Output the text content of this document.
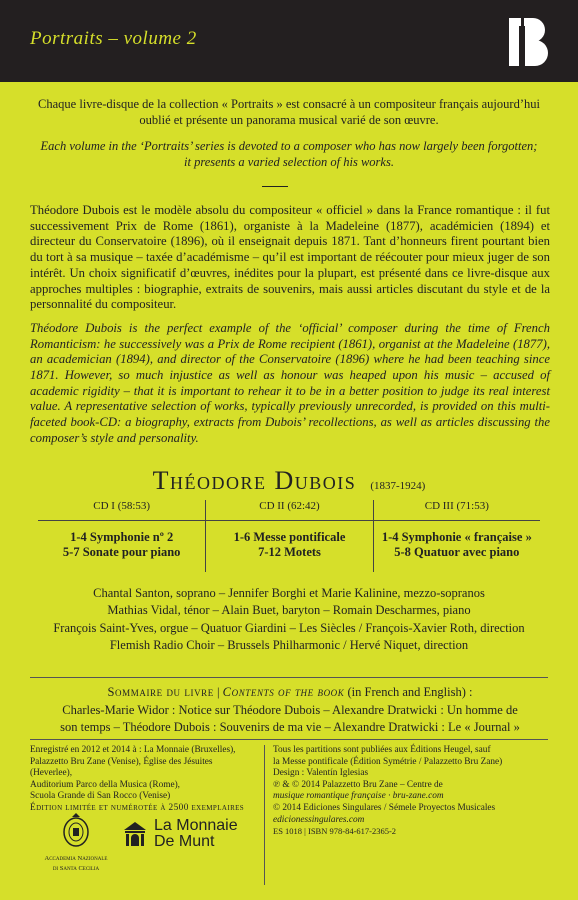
Portraits – volume 2

Chaque livre-disque de la collection « Portraits » est consacré à un compositeur français aujourd’hui oublié et présente un panorama musical varié de son œuvre.

Each volume in the ‘Portraits’ series is devoted to a composer who has now largely been forgotten; it presents a varied selection of his works.

Théodore Dubois est le modèle absolu du compositeur « officiel » dans la France romantique : il fut successivement Prix de Rome (1861), organiste à la Madeleine (1877), académicien (1894) et directeur du Conservatoire (1896), où il enseignait depuis 1871. Tant d’honneurs firent pourtant bien du tort à sa musique – taxée d’académisme – qu’il est important de réécouter pour mieux juger de son intérêt. Un choix significatif d’œuvres, inédites pour la plupart, est présenté dans ce livre-disque aux approches multiples : biographie, extraits de souvenirs, mais aussi articles discutant du style et de la personnalité du compositeur.

Théodore Dubois is the perfect example of the ‘official’ composer during the time of French Romanticism: he successively was a Prix de Rome recipient (1861), organist at the Madeleine (1877), an academician (1894), and director of the Conservatoire (1896) where he had been teaching since 1871. However, so much injustice as well as honour was heaped upon his music – accused of academic rigidity – that it is important to rehear it to be in a better position to judge its real interest value. A representative selection of works, typically previously unrecorded, is provided on this multi-faceted book-CD: a biography, extracts from Dubois’ recollections, as well as articles discussing the composer’s style and personality.

Théodore Dubois (1837-1924)
CD I (58:53)
1-4 Symphonie nº 2
5-7 Sonate pour piano
CD II (62:42)
1-6 Messe pontificale
7-12 Motets
CD III (71:53)
1-4 Symphonie « française »
5-8 Quatuor avec piano
Chantal Santon, soprano – Jennifer Borghi et Marie Kalinine, mezzo-sopranos
Mathias Vidal, ténor – Alain Buet, baryton – Romain Descharmes, piano
François Saint-Yves, orgue – Quatuor Giardini – Les Siècles / François-Xavier Roth, direction
Flemish Radio Choir – Brussels Philharmonic / Hervé Niquet, direction
Sommaire du livre | Contents of the book (in French and English) :
Charles-Marie Widor : Notice sur Théodore Dubois – Alexandre Dratwicki : Un homme de
son temps – Théodore Dubois : Souvenirs de ma vie – Alexandre Dratwicki : Le « Journal »
Enregistré en 2012 et 2014 à : La Monnaie (Bruxelles),
Palazzetto Bru Zane (Venise), Église des Jésuites (Heverlee),
Auditorium Parco della Musica (Rome),
Scuola Grande di San Rocco (Venise)
Édition limitée et numérotée à 2500 exemplaires
Tous les partitions sont publiées aux Éditions Heugel, sauf
la Messe pontificale (Édition Symétrie / Palazzetto Bru Zane)
Design : Valentín Iglesias
℗ & © 2014 Palazzetto Bru Zane – Centre de
musique romantique française · bru-zane.com
© 2014 Ediciones Singulares / Sémele Proyectos Musicales
edicionessingulares.com
ES 1018 | ISBN 978-84-617-2365-2
Accademia Nazionale
di Santa Cecilia
La Monnaie
De Munt
